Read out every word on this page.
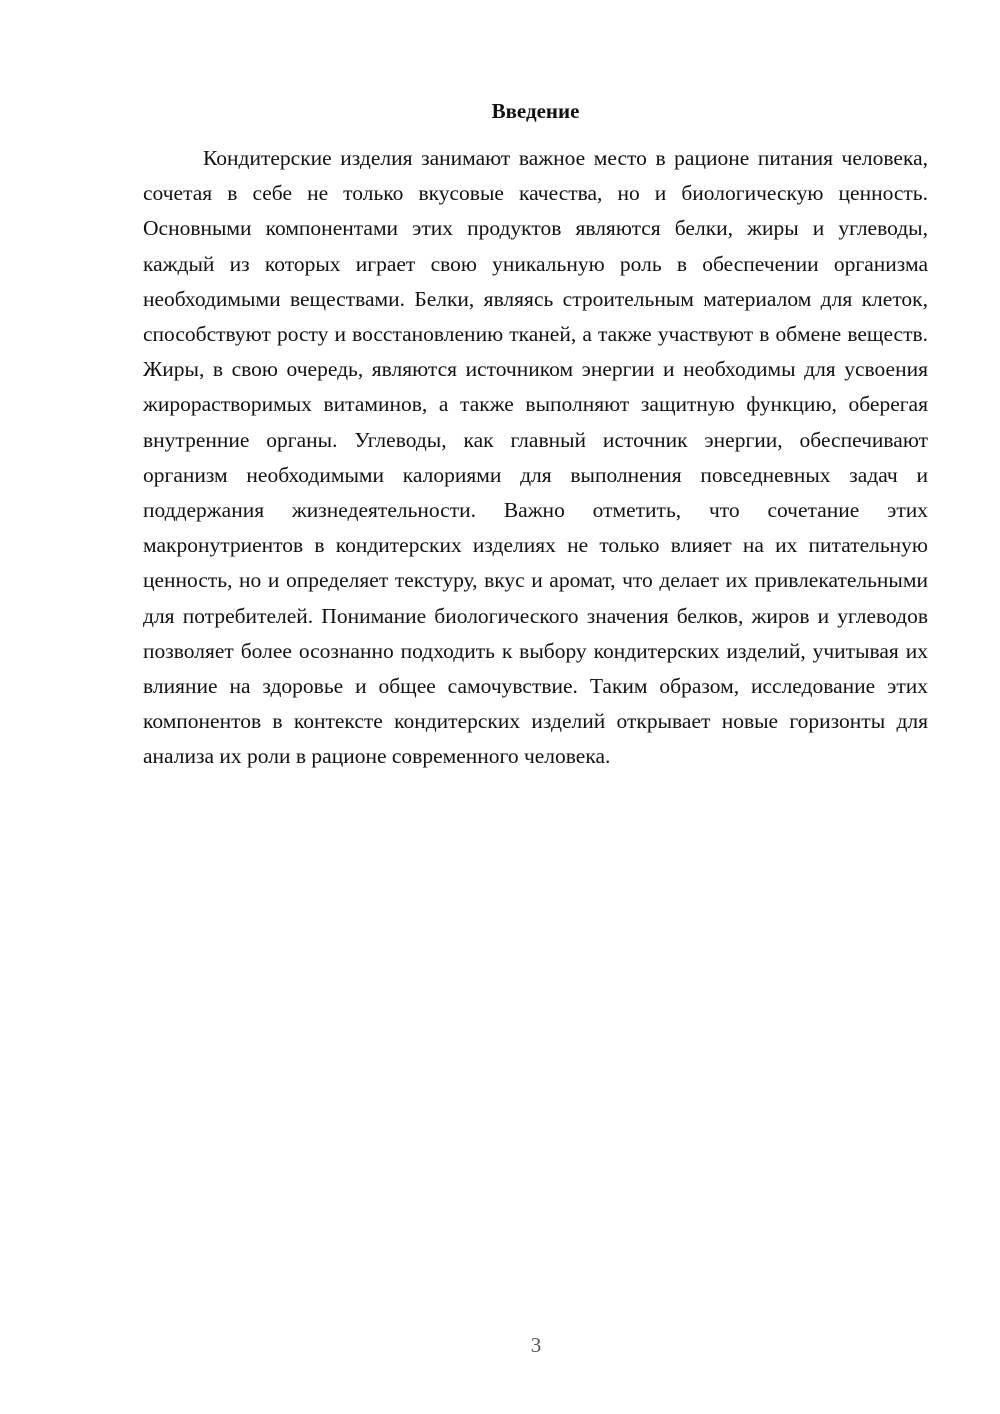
Введение

Кондитерские изделия занимают важное место в рационе питания человека, сочетая в себе не только вкусовые качества, но и биологическую ценность. Основными компонентами этих продуктов являются белки, жиры и углеводы, каждый из которых играет свою уникальную роль в обеспечении организма необходимыми веществами. Белки, являясь строительным материалом для клеток, способствуют росту и восстановлению тканей, а также участвуют в обмене веществ. Жиры, в свою очередь, являются источником энергии и необходимы для усвоения жирорастворимых витаминов, а также выполняют защитную функцию, оберегая внутренние органы. Углеводы, как главный источник энергии, обеспечивают организм необходимыми калориями для выполнения повседневных задач и поддержания жизнедеятельности. Важно отметить, что сочетание этих макронутриентов в кондитерских изделиях не только влияет на их питательную ценность, но и определяет текстуру, вкус и аромат, что делает их привлекательными для потребителей. Понимание биологического значения белков, жиров и углеводов позволяет более осознанно подходить к выбору кондитерских изделий, учитывая их влияние на здоровье и общее самочувствие. Таким образом, исследование этих компонентов в контексте кондитерских изделий открывает новые горизонты для анализа их роли в рационе современного человека.

3
